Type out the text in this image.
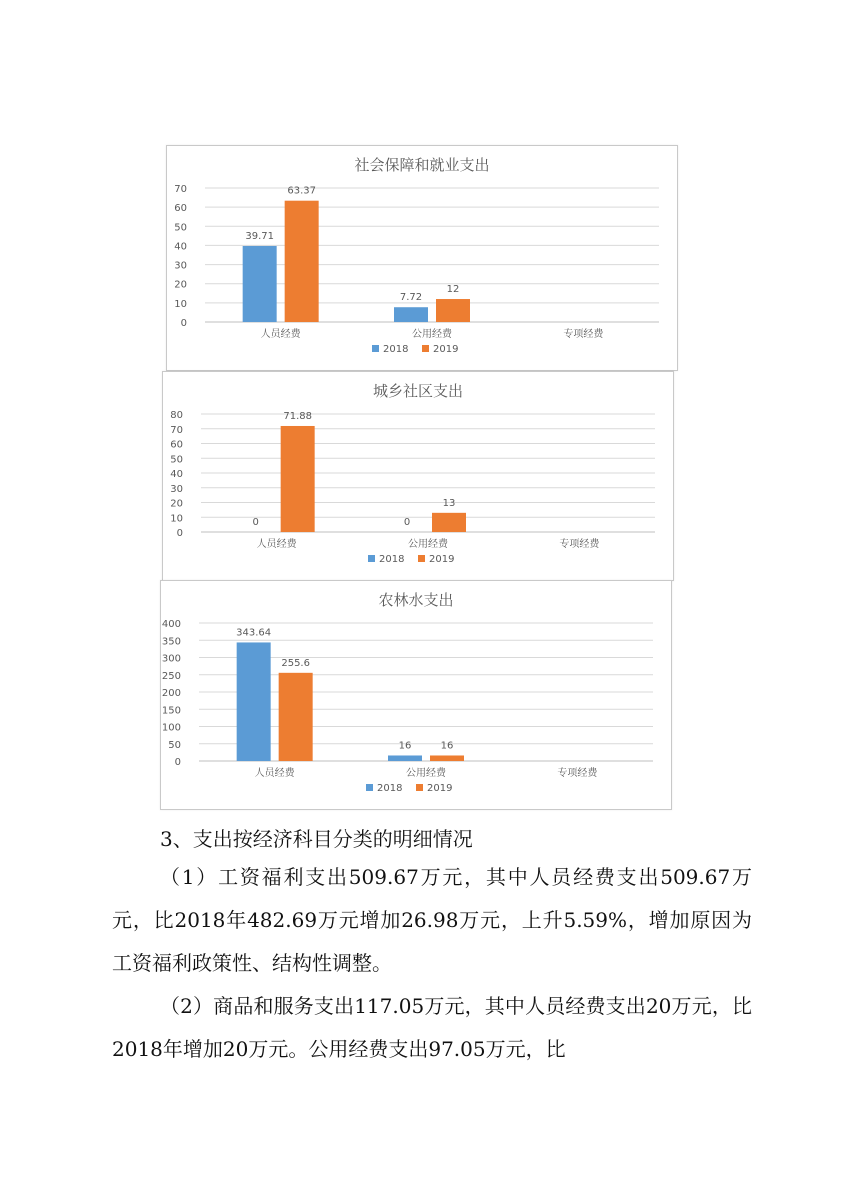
社会保障和就业支出
0
10
20
30
40
50
60
70
人员经费
39.71
63.37
公用经费
7.72
12
专项经费
2018 2019
城乡社区支出
0
10
20
30
40
50
60
70
80
人员经费
0
71.88
公用经费
0
13
专项经费
2018 2019
农林水支出
0
50
100
150
200
250
300
350
400
人员经费
343.64
255.6
公用经费
16	16
专项经费
2018 2019
3、支出按经济科目分类的明细情况
（1）工资福利支出509.67万元，其中人员经费支出509.67万元，比2018年482.69万元增加26.98万元，上升5.59%，增加原因为工资福利政策性、结构性调整。
（2）商品和服务支出117.05万元，其中人员经费支出20万元，比2018年增加20万元。公用经费支出97.05万元，比
